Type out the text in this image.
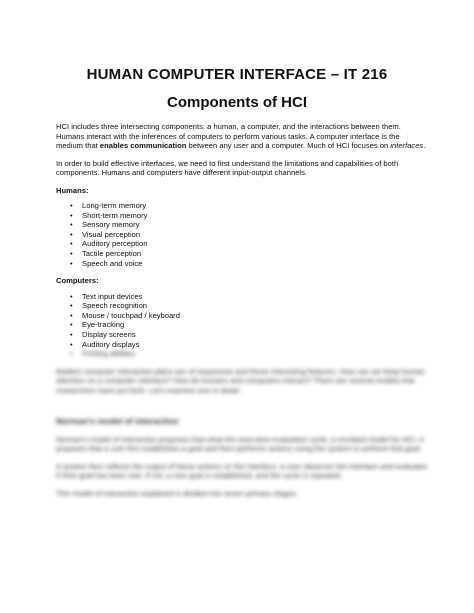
HUMAN COMPUTER INTERFACE – IT 216
Components of HCI

HCI includes three intersecting components: a human, a computer, and the interactions between them. Humans interact with the inferences of computers to perform various tasks. A computer interface is the medium that enables communication between any user and a computer. Much of HCI focuses on interfaces.

In order to build effective interfaces, we need to first understand the limitations and capabilities of both components. Humans and computers have different input-output channels.

Humans:
• Long-term memory
• Short-term memory
• Sensory memory
• Visual perception
• Auditory perception
• Tactile perception
• Speech and voice
Computers:
• Text input devices
• Speech recognition
• Mouse / touchpad / keyboard
• Eye-tracking
• Display screens
• Auditory displays
• Printing abilities

Modern computer interaction plans are of responsive and these interesting features. How can we keep human attention on a computer interface? How do humans and computers interact? There are several models that researchers have put forth. Let's examine one in detail.

Norman's model of interaction

Norman's model of interaction proposes that what the execution-evaluation cycle, a resultant model for HCI. It proposes that a user first establishes a goal and then performs actions using the system to achieve that goal.

A system then reflects the output of these actions on the interface. A user observes the interface and evaluates if their goal has been met. If not, a new goal is established, and the cycle is repeated.

This model of interaction explained is divided into seven primary stages:
